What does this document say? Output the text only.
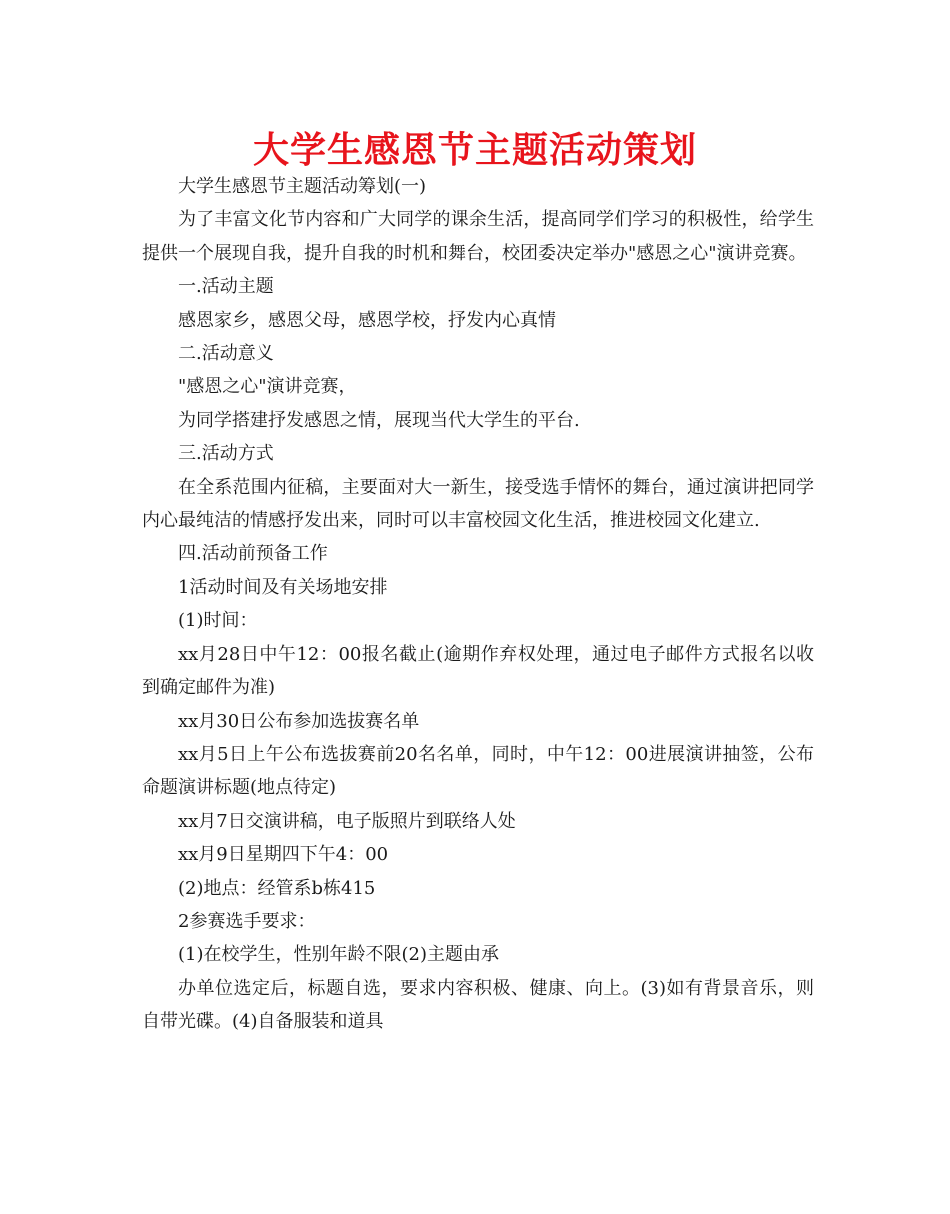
大学生感恩节主题活动策划

大学生感恩节主题活动筹划(一)

为了丰富文化节内容和广大同学的课余生活，提高同学们学习的积极性，给学生提供一个展现自我，提升自我的时机和舞台，校团委决定举办"感恩之心"演讲竞赛。

一.活动主题

感恩家乡，感恩父母，感恩学校，抒发内心真情

二.活动意义

"感恩之心"演讲竞赛，

为同学搭建抒发感恩之情，展现当代大学生的平台.

三.活动方式

在全系范围内征稿，主要面对大一新生，接受选手情怀的舞台，通过演讲把同学内心最纯洁的情感抒发出来，同时可以丰富校园文化生活，推进校园文化建立.

四.活动前预备工作

1活动时间及有关场地安排

(1)时间：

xx月28日中午12：00报名截止(逾期作弃权处理，通过电子邮件方式报名以收到确定邮件为准)

xx月30日公布参加选拔赛名单

xx月5日上午公布选拔赛前20名名单，同时，中午12：00进展演讲抽签，公布命题演讲标题(地点待定)

xx月7日交演讲稿，电子版照片到联络人处

xx月9日星期四下午4：00

(2)地点：经管系b栋415

2参赛选手要求：

(1)在校学生，性别年龄不限(2)主题由承

办单位选定后，标题自选，要求内容积极、健康、向上。(3)如有背景音乐，则自带光碟。(4)自备服装和道具
